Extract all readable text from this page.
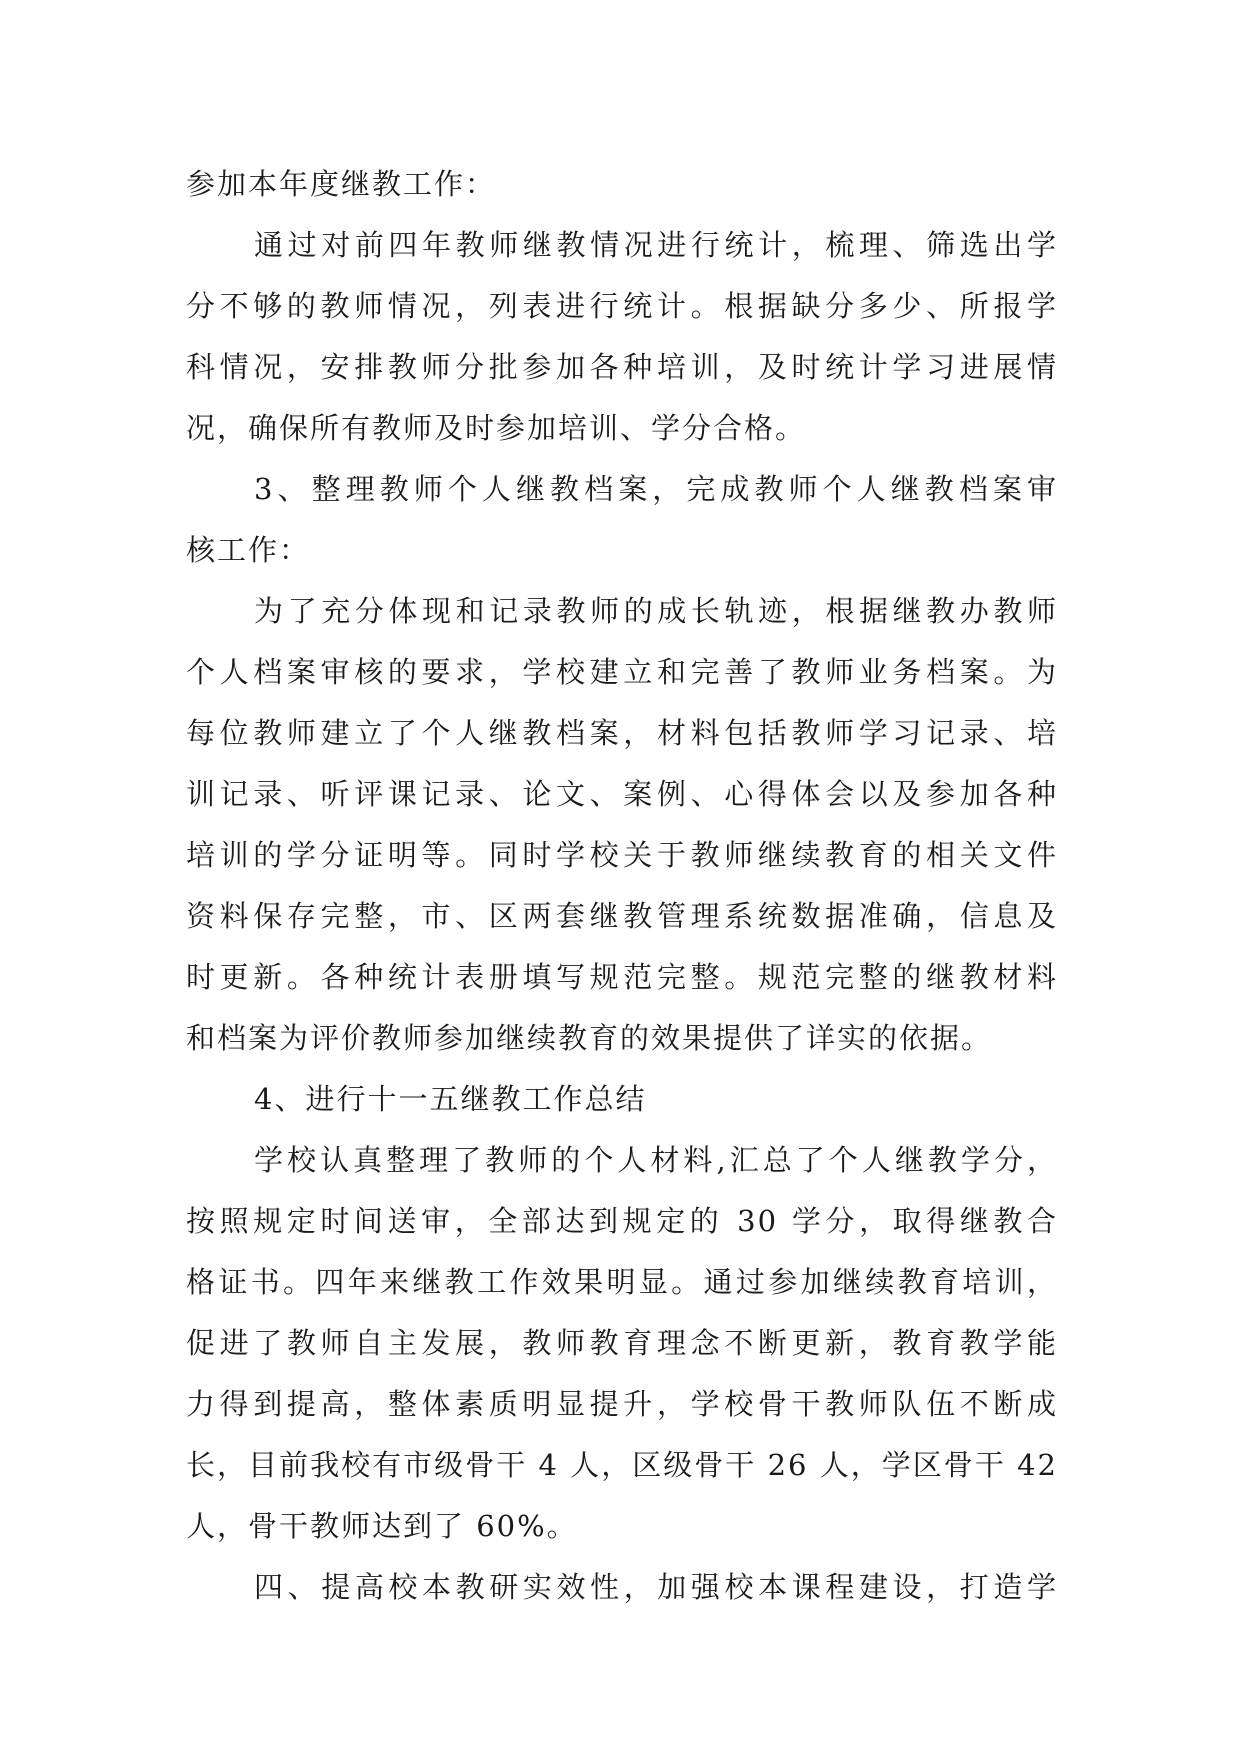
参加本年度继教工作：
通过对前四年教师继教情况进行统计，梳理、筛选出学
分不够的教师情况，列表进行统计。根据缺分多少、所报学
科情况，安排教师分批参加各种培训，及时统计学习进展情
况，确保所有教师及时参加培训、学分合格。
3、整理教师个人继教档案，完成教师个人继教档案审
核工作：
为了充分体现和记录教师的成长轨迹，根据继教办教师
个人档案审核的要求，学校建立和完善了教师业务档案。为
每位教师建立了个人继教档案，材料包括教师学习记录、培
训记录、听评课记录、论文、案例、心得体会以及参加各种
培训的学分证明等。同时学校关于教师继续教育的相关文件
资料保存完整，市、区两套继教管理系统数据准确，信息及
时更新。各种统计表册填写规范完整。规范完整的继教材料
和档案为评价教师参加继续教育的效果提供了详实的依据。
4、进行十一五继教工作总结
学校认真整理了教师的个人材料,汇总了个人继教学分，
按照规定时间送审，全部达到规定的 30 学分，取得继教合
格证书。四年来继教工作效果明显。通过参加继续教育培训，
促进了教师自主发展，教师教育理念不断更新，教育教学能
力得到提高，整体素质明显提升，学校骨干教师队伍不断成
长，目前我校有市级骨干 4 人，区级骨干 26 人，学区骨干 42
人，骨干教师达到了 60%。
四、提高校本教研实效性，加强校本课程建设，打造学
